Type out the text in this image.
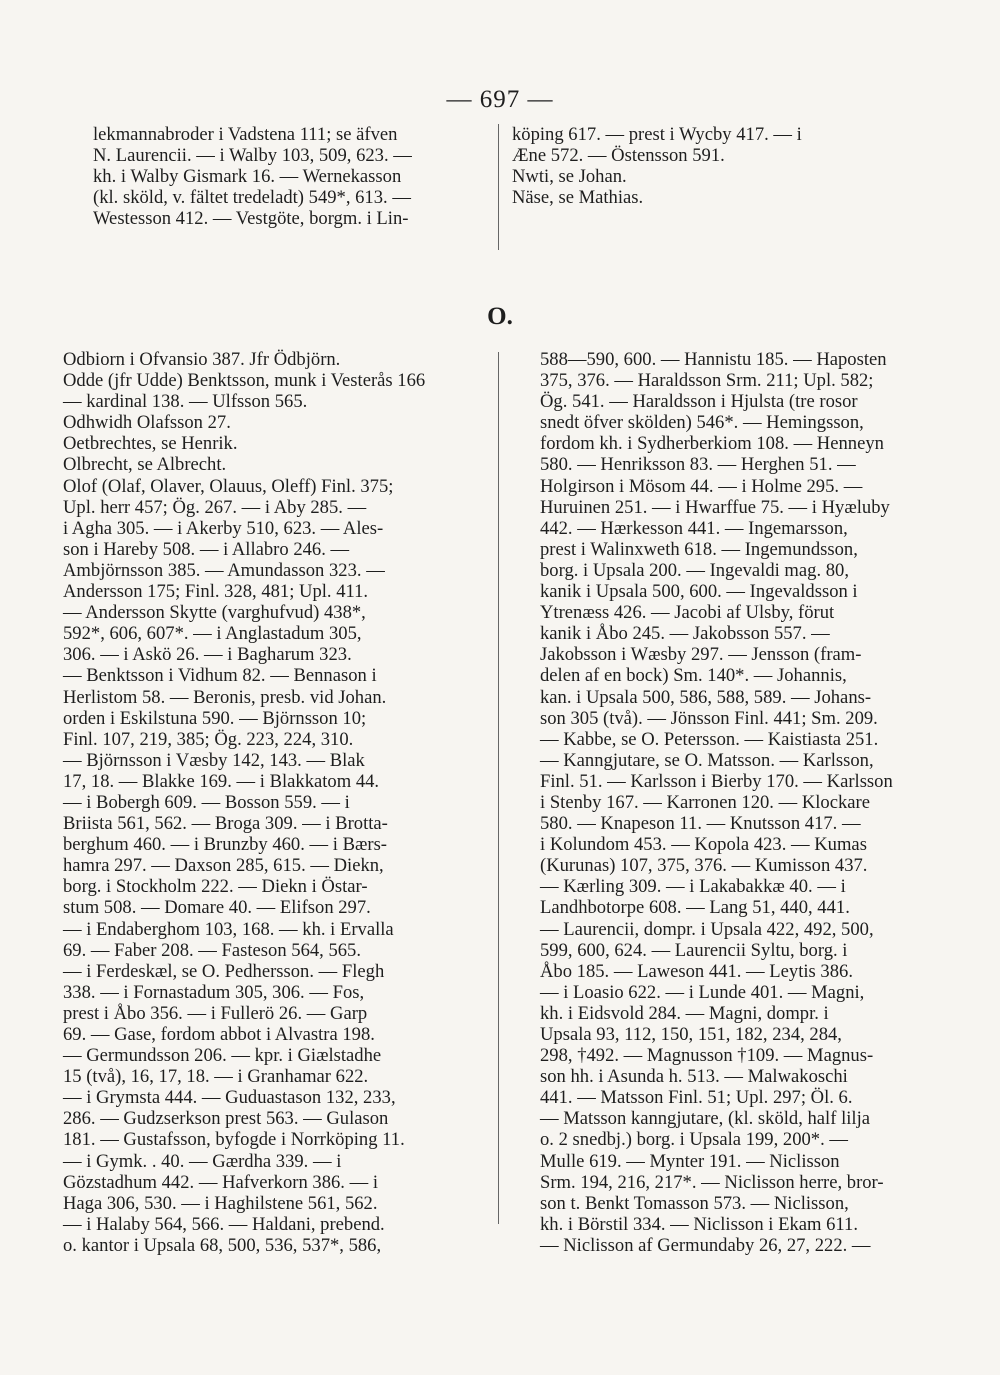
— 697 —
lekmannabroder i Vadstena 111; se äfven
N. Laurencii. — i Walby 103, 509, 623. —
kh. i Walby Gismark 16. — Wernekasson
(kl. sköld, v. fältet tredeladt) 549*, 613. —
Westesson 412. — Vestgöte, borgm. i Lin-
köping 617. — prest i Wycby 417. — i
Æne 572. — Östensson 591.
Nwti, se Johan.
Näse, se Mathias.
O.
Odbiorn i Ofvansio 387. Jfr Ödbjörn.
Odde (jfr Udde) Benktsson, munk i Vesterås 166
— kardinal 138. — Ulfsson 565.
Odhwidh Olafsson 27.
Oetbrechtes, se Henrik.
Olbrecht, se Albrecht.
Olof (Olaf, Olaver, Olauus, Oleff) Finl. 375;
Upl. herr 457; Ög. 267. — i Aby 285. —
i Agha 305. — i Akerby 510, 623. — Ales-
son i Hareby 508. — i Allabro 246. —
Ambjörnsson 385. — Amundasson 323. —
Andersson 175; Finl. 328, 481; Upl. 411.
— Andersson Skytte (varghufvud) 438*,
592*, 606, 607*. — i Anglastadum 305,
306. — i Askö 26. — i Bagharum 323.
— Benktsson i Vidhum 82. — Bennason i
Herlistom 58. — Beronis, presb. vid Johan.
orden i Eskilstuna 590. — Björnsson 10;
Finl. 107, 219, 385; Ög. 223, 224, 310.
— Björnsson i Væsby 142, 143. — Blak
17, 18. — Blakke 169. — i Blakkatom 44.
— i Bobergh 609. — Bosson 559. — i
Briista 561, 562. — Broga 309. — i Brotta-
berghum 460. — i Brunzby 460. — i Bærs-
hamra 297. — Daxson 285, 615. — Diekn,
borg. i Stockholm 222. — Diekn i Östar-
stum 508. — Domare 40. — Elifson 297.
— i Endaberghom 103, 168. — kh. i Ervalla
69. — Faber 208. — Fasteson 564, 565.
— i Ferdeskæl, se O. Pedhersson. — Flegh
338. — i Fornastadum 305, 306. — Fos,
prest i Åbo 356. — i Fullerö 26. — Garp
69. — Gase, fordom abbot i Alvastra 198.
— Germundsson 206. — kpr. i Giælstadhe
15 (två), 16, 17, 18. — i Granhamar 622.
— i Grymsta 444. — Guduastason 132, 233,
286. — Gudzserkson prest 563. — Gulason
181. — Gustafsson, byfogde i Norrköping 11.
— i Gymk. . 40. — Gærdha 339. — i
Gözstadhum 442. — Hafverkorn 386. — i
Haga 306, 530. — i Haghilstene 561, 562.
— i Halaby 564, 566. — Haldani, prebend.
o. kantor i Upsala 68, 500, 536, 537*, 586,
588—590, 600. — Hannistu 185. — Haposten
375, 376. — Haraldsson Srm. 211; Upl. 582;
Ög. 541. — Haraldsson i Hjulsta (tre rosor
snedt öfver skölden) 546*. — Hemingsson,
fordom kh. i Sydherberkiom 108. — Henneyn
580. — Henriksson 83. — Herghen 51. —
Holgirson i Mösom 44. — i Holme 295. —
Huruinen 251. — i Hwarffue 75. — i Hyæluby
442. — Hærkesson 441. — Ingemarsson,
prest i Walinxweth 618. — Ingemundsson,
borg. i Upsala 200. — Ingevaldi mag. 80,
kanik i Upsala 500, 600. — Ingevaldsson i
Ytrenæss 426. — Jacobi af Ulsby, förut
kanik i Åbo 245. — Jakobsson 557. —
Jakobsson i Wæsby 297. — Jensson (fram-
delen af en bock) Sm. 140*. — Johannis,
kan. i Upsala 500, 586, 588, 589. — Johans-
son 305 (två). — Jönsson Finl. 441; Sm. 209.
— Kabbe, se O. Petersson. — Kaistiasta 251.
— Kanngjutare, se O. Matsson. — Karlsson,
Finl. 51. — Karlsson i Bierby 170. — Karlsson
i Stenby 167. — Karronen 120. — Klockare
580. — Knapeson 11. — Knutsson 417. —
i Kolundom 453. — Kopola 423. — Kumas
(Kurunas) 107, 375, 376. — Kumisson 437.
— Kærling 309. — i Lakabakkæ 40. — i
Landhbotorpe 608. — Lang 51, 440, 441.
— Laurencii, dompr. i Upsala 422, 492, 500,
599, 600, 624. — Laurencii Syltu, borg. i
Åbo 185. — Laweson 441. — Leytis 386.
— i Loasio 622. — i Lunde 401. — Magni,
kh. i Eidsvold 284. — Magni, dompr. i
Upsala 93, 112, 150, 151, 182, 234, 284,
298, †492. — Magnusson †109. — Magnus-
son hh. i Asunda h. 513. — Malwakoschi
441. — Matsson Finl. 51; Upl. 297; Öl. 6.
— Matsson kanngjutare, (kl. sköld, half lilja
o. 2 snedbj.) borg. i Upsala 199, 200*. —
Mulle 619. — Mynter 191. — Niclisson
Srm. 194, 216, 217*. — Niclisson herre, bror-
son t. Benkt Tomasson 573. — Niclisson,
kh. i Börstil 334. — Niclisson i Ekam 611.
— Niclisson af Germundaby 26, 27, 222. —
